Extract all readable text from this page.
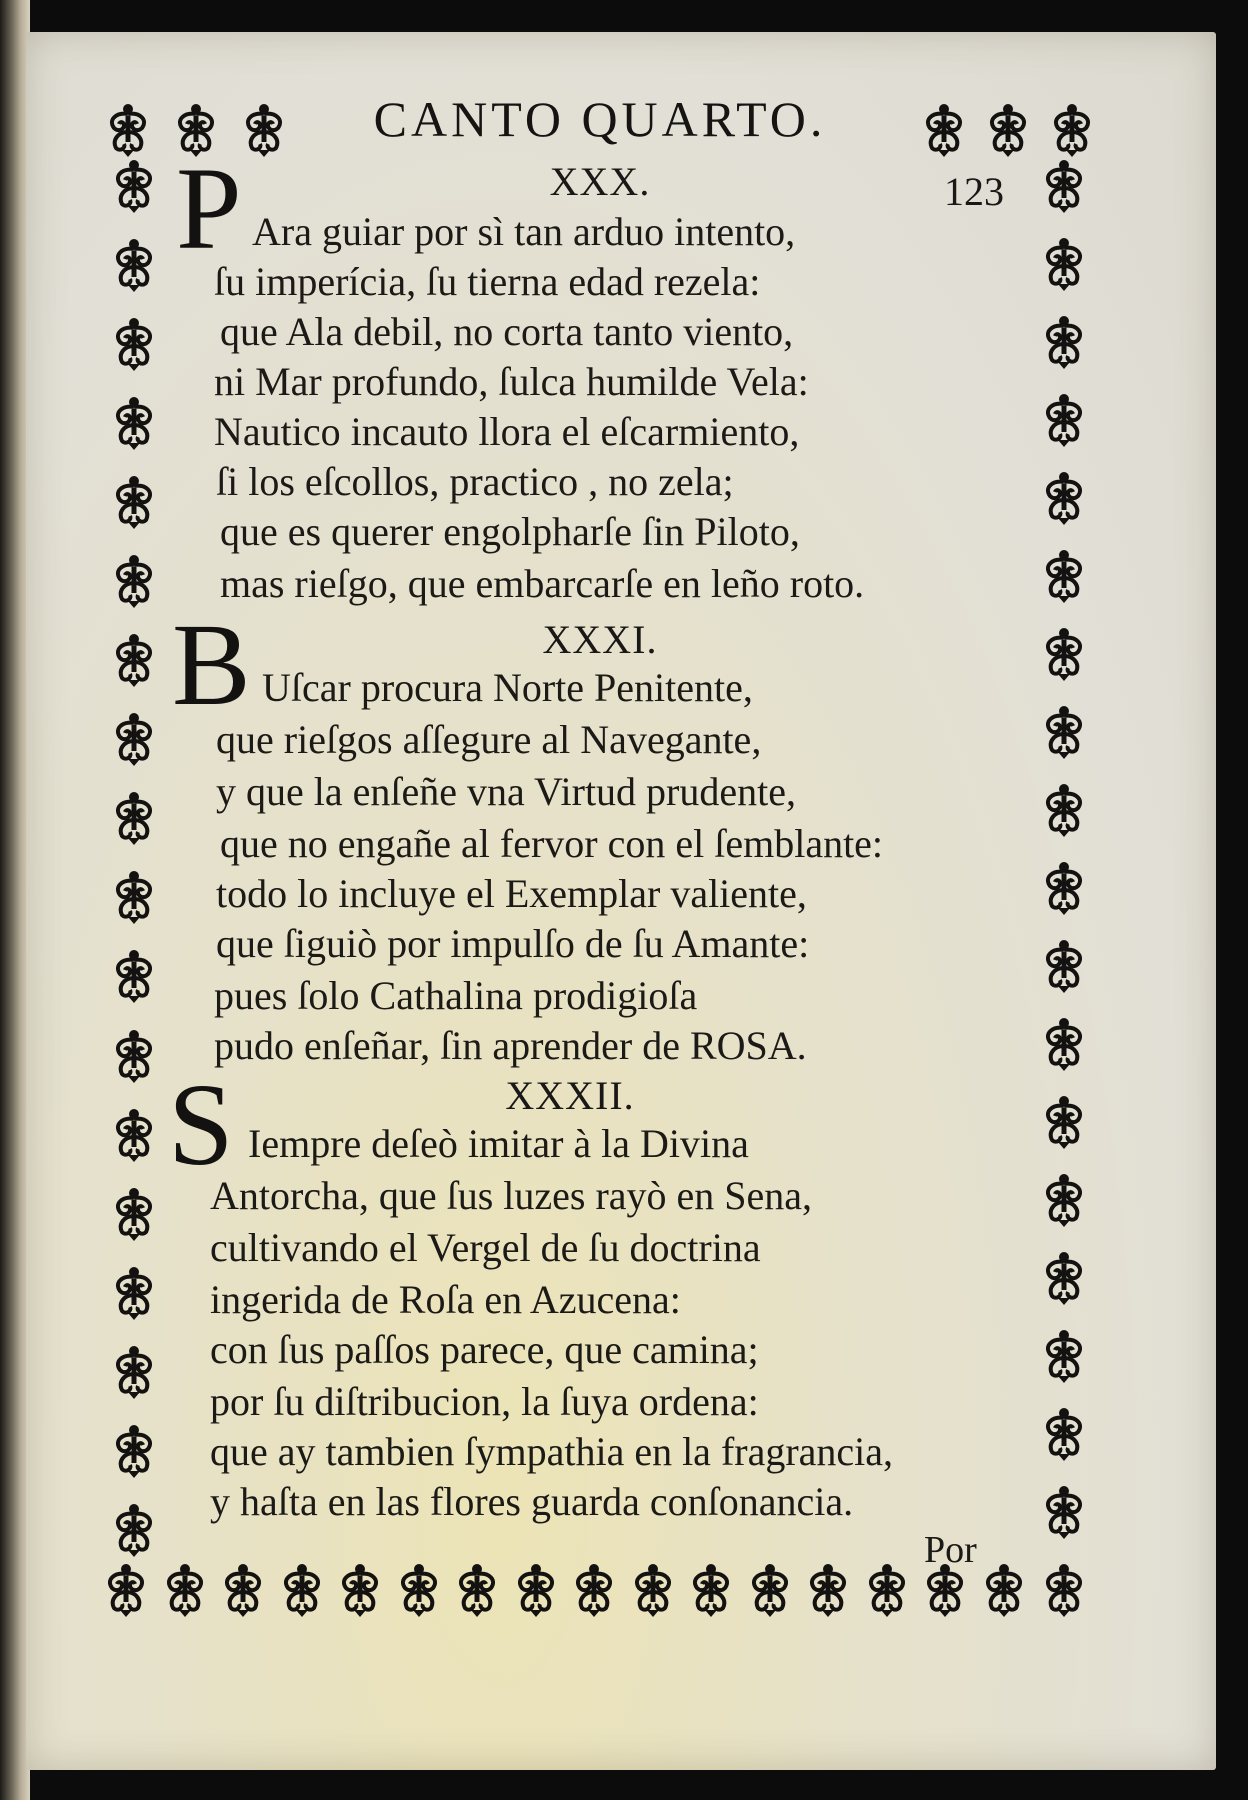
CANTO QUARTO.
123
XXX.
P Ara guiar por sì tan arduo intento,
ſu imperícia, ſu tierna edad rezela:
que Ala debil, no corta tanto viento,
ni Mar profundo, ſulca humilde Vela:
Nautico incauto llora el eſcarmiento,
ſi los eſcollos, practico , no zela;
que es querer engolpharſe ſin Piloto,
mas rieſgo, que embarcarſe en leño roto.
XXXI.
B Uſcar procura Norte Penitente,
que rieſgos aſſegure al Navegante,
y que la enſeñe vna Virtud prudente,
que no engañe al fervor con el ſemblante:
todo lo incluye el Exemplar valiente,
que ſiguiò por impulſo de ſu Amante:
pues ſolo Cathalina prodigioſa
pudo enſeñar, ſin aprender de ROSA.
XXXII.
S Iempre deſeò imitar à la Divina
Antorcha, que ſus luzes rayò en Sena,
cultivando el Vergel de ſu doctrina
ingerida de Roſa en Azucena:
con ſus paſſos parece, que camina;
por ſu diſtribucion, la ſuya ordena:
que ay tambien ſympathia en la fragrancia,
y haſta en las flores guarda conſonancia.
Por
